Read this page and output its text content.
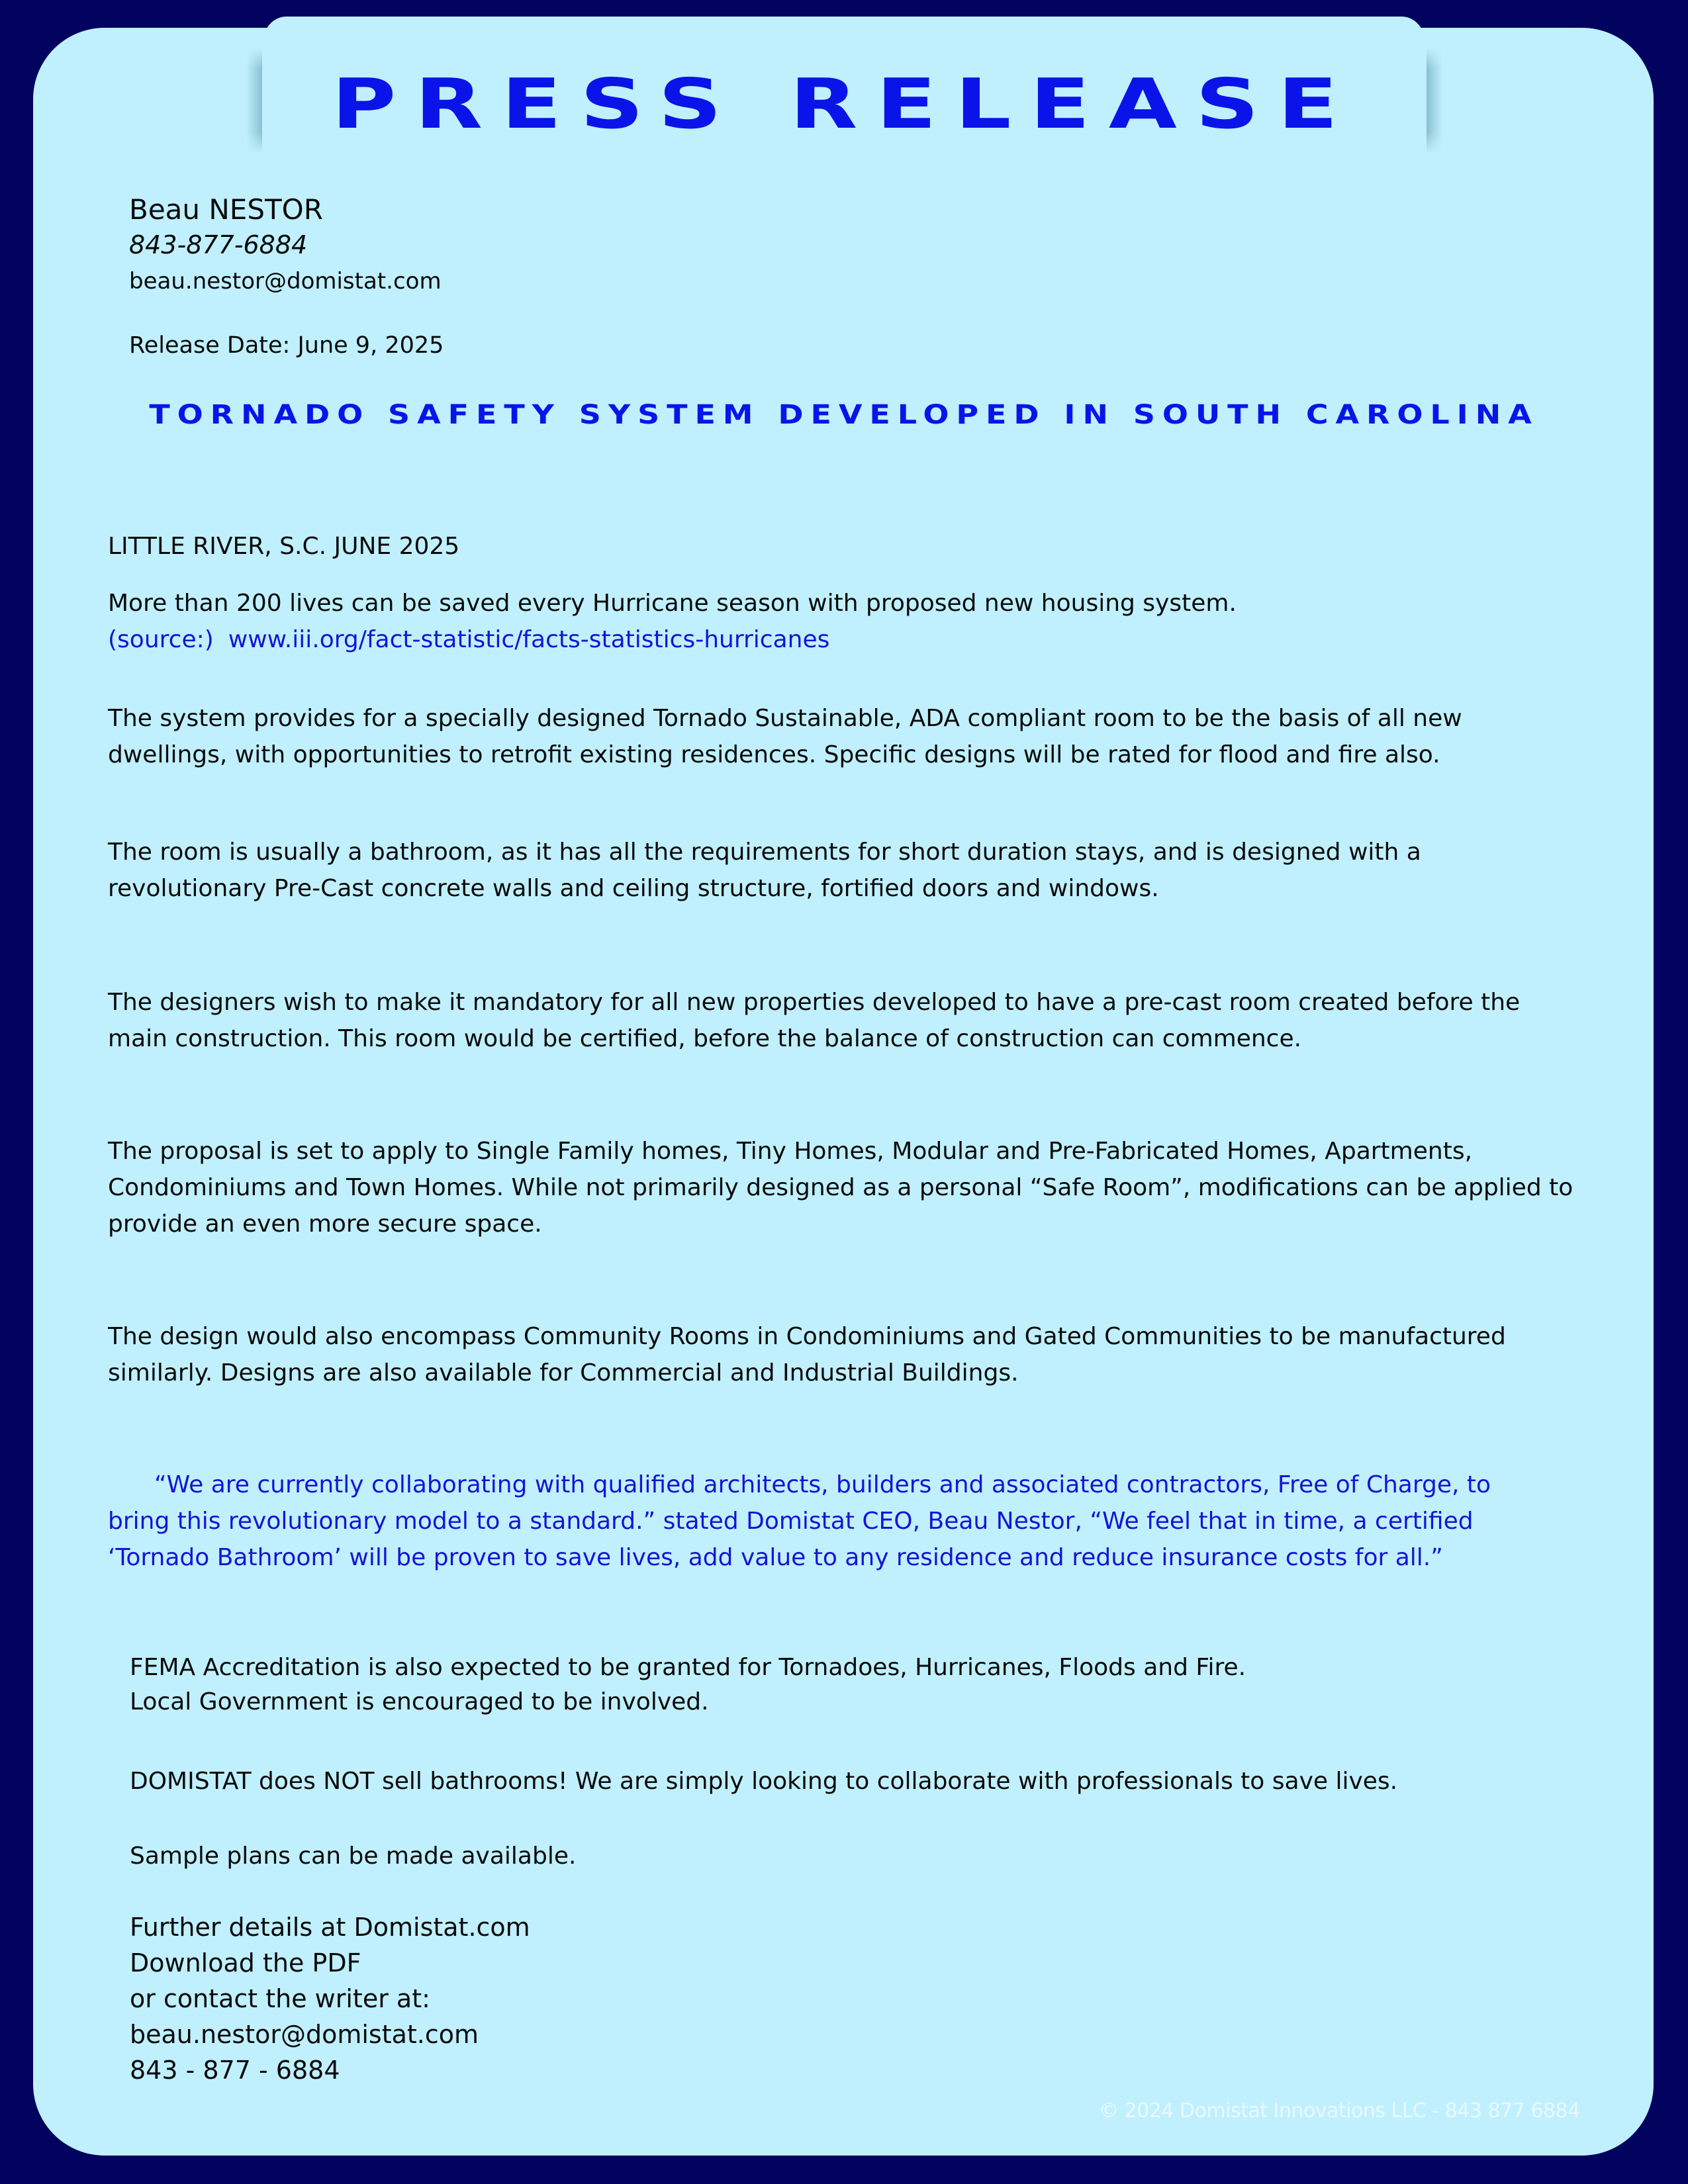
PRESS RELEASE
Beau NESTOR
843-877-6884
beau.nestor@domistat.com
Release Date: June 9, 2025
TORNADO SAFETY SYSTEM DEVELOPED IN SOUTH CAROLINA
LITTLE RIVER, S.C. JUNE 2025
More than 200 lives can be saved every Hurricane season with proposed new housing system.
(source:) www.iii.org/fact-statistic/facts-statistics-hurricanes
The system provides for a specially designed Tornado Sustainable, ADA compliant room to be the basis of all new
dwellings, with opportunities to retrofit existing residences. Specific designs will be rated for flood and fire also.
The room is usually a bathroom, as it has all the requirements for short duration stays, and is designed with a
revolutionary Pre-Cast concrete walls and ceiling structure, fortified doors and windows.
The designers wish to make it mandatory for all new properties developed to have a pre-cast room created before the
main construction. This room would be certified, before the balance of construction can commence.
The proposal is set to apply to Single Family homes, Tiny Homes, Modular and Pre-Fabricated Homes, Apartments,
Condominiums and Town Homes. While not primarily designed as a personal “Safe Room”, modifications can be applied to
provide an even more secure space.
The design would also encompass Community Rooms in Condominiums and Gated Communities to be manufactured
similarly. Designs are also available for Commercial and Industrial Buildings.
“We are currently collaborating with qualified architects, builders and associated contractors, Free of Charge, to
bring this revolutionary model to a standard.” stated Domistat CEO, Beau Nestor, “We feel that in time, a certified
‘Tornado Bathroom’ will be proven to save lives, add value to any residence and reduce insurance costs for all.”
FEMA Accreditation is also expected to be granted for Tornadoes, Hurricanes, Floods and Fire.
Local Government is encouraged to be involved.
DOMISTAT does NOT sell bathrooms! We are simply looking to collaborate with professionals to save lives.
Sample plans can be made available.
Further details at Domistat.com
Download the PDF
or contact the writer at:
beau.nestor@domistat.com
843 - 877 - 6884
© 2024 Domistat Innovations LLC - 843 877 6884
